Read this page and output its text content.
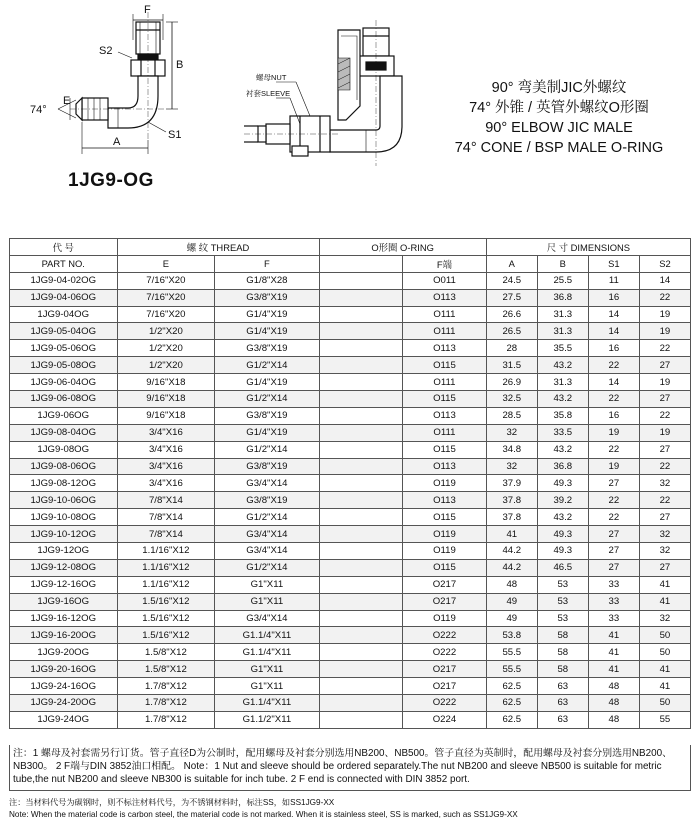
F
S2
B
E
A
S1
74°
螺母NUT
衬套SLEEVE
1JG9-OG
90° 弯美制JIC外螺纹
74° 外锥 / 英管外螺纹O形圈
90° ELBOW JIC MALE
74° CONE / BSP MALE O-RING
代 号	螺 纹 THREAD		O形圈 O-RING		尺 寸 DIMENSIONS			
PART NO.	E	F		F端	A	B	S1	S2
1JG9-04-02OG	7/16"X20	G1/8"X28		O011	24.5	25.5	11	14
1JG9-04-06OG	7/16"X20	G3/8"X19		O113	27.5	36.8	16	22
1JG9-04OG	7/16"X20	G1/4"X19		O111	26.6	31.3	14	19
1JG9-05-04OG	1/2"X20	G1/4"X19		O111	26.5	31.3	14	19
1JG9-05-06OG	1/2"X20	G3/8"X19		O113	28	35.5	16	22
1JG9-05-08OG	1/2"X20	G1/2"X14		O115	31.5	43.2	22	27
1JG9-06-04OG	9/16"X18	G1/4"X19		O111	26.9	31.3	14	19
1JG9-06-08OG	9/16"X18	G1/2"X14		O115	32.5	43.2	22	27
1JG9-06OG	9/16"X18	G3/8"X19		O113	28.5	35.8	16	22
1JG9-08-04OG	3/4"X16	G1/4"X19		O111	32	33.5	19	19
1JG9-08OG	3/4"X16	G1/2"X14		O115	34.8	43.2	22	27
1JG9-08-06OG	3/4"X16	G3/8"X19		O113	32	36.8	19	22
1JG9-08-12OG	3/4"X16	G3/4"X14		O119	37.9	49.3	27	32
1JG9-10-06OG	7/8"X14	G3/8"X19		O113	37.8	39.2	22	22
1JG9-10-08OG	7/8"X14	G1/2"X14		O115	37.8	43.2	22	27
1JG9-10-12OG	7/8"X14	G3/4"X14		O119	41	49.3	27	32
1JG9-12OG	1.1/16"X12	G3/4"X14		O119	44.2	49.3	27	32
1JG9-12-08OG	1.1/16"X12	G1/2"X14		O115	44.2	46.5	27	27
1JG9-12-16OG	1.1/16"X12	G1"X11		O217	48	53	33	41
1JG9-16OG	1.5/16"X12	G1"X11		O217	49	53	33	41
1JG9-16-12OG	1.5/16"X12	G3/4"X14		O119	49	53	33	32
1JG9-16-20OG	1.5/16"X12	G1.1/4"X11		O222	53.8	58	41	50
1JG9-20OG	1.5/8"X12	G1.1/4"X11		O222	55.5	58	41	50
1JG9-20-16OG	1.5/8"X12	G1"X11		O217	55.5	58	41	41
1JG9-24-16OG	1.7/8"X12	G1"X11		O217	62.5	63	48	41
1JG9-24-20OG	1.7/8"X12	G1.1/4"X11		O222	62.5	63	48	50
1JG9-24OG	1.7/8"X12	G1.1/2"X11		O224	62.5	63	48	55
注：1 螺母及衬套需另行订货。管子直径D为公制时，配用螺母及衬套分别选用NB200、NB500。管子直径为英制时，配用螺母及衬套分别选用NB200、NB300。 2 F端与DIN 3852油口相配。 Note：1 Nut and sleeve should be ordered separately.The nut NB200 and sleeve NB500 is suitable for metric tube,the nut NB200 and sleeve NB300 is suitable for inch tube. 2 F end is connected with DIN 3852 port.
注：当材料代号为碳钢时，则不标注材料代号，为不锈钢材料时，标注SS，如SS1JG9-XX
Note: When the material code is carbon steel, the material code is not marked. When it is stainless steel, SS is marked, such as SS1JG9-XX
